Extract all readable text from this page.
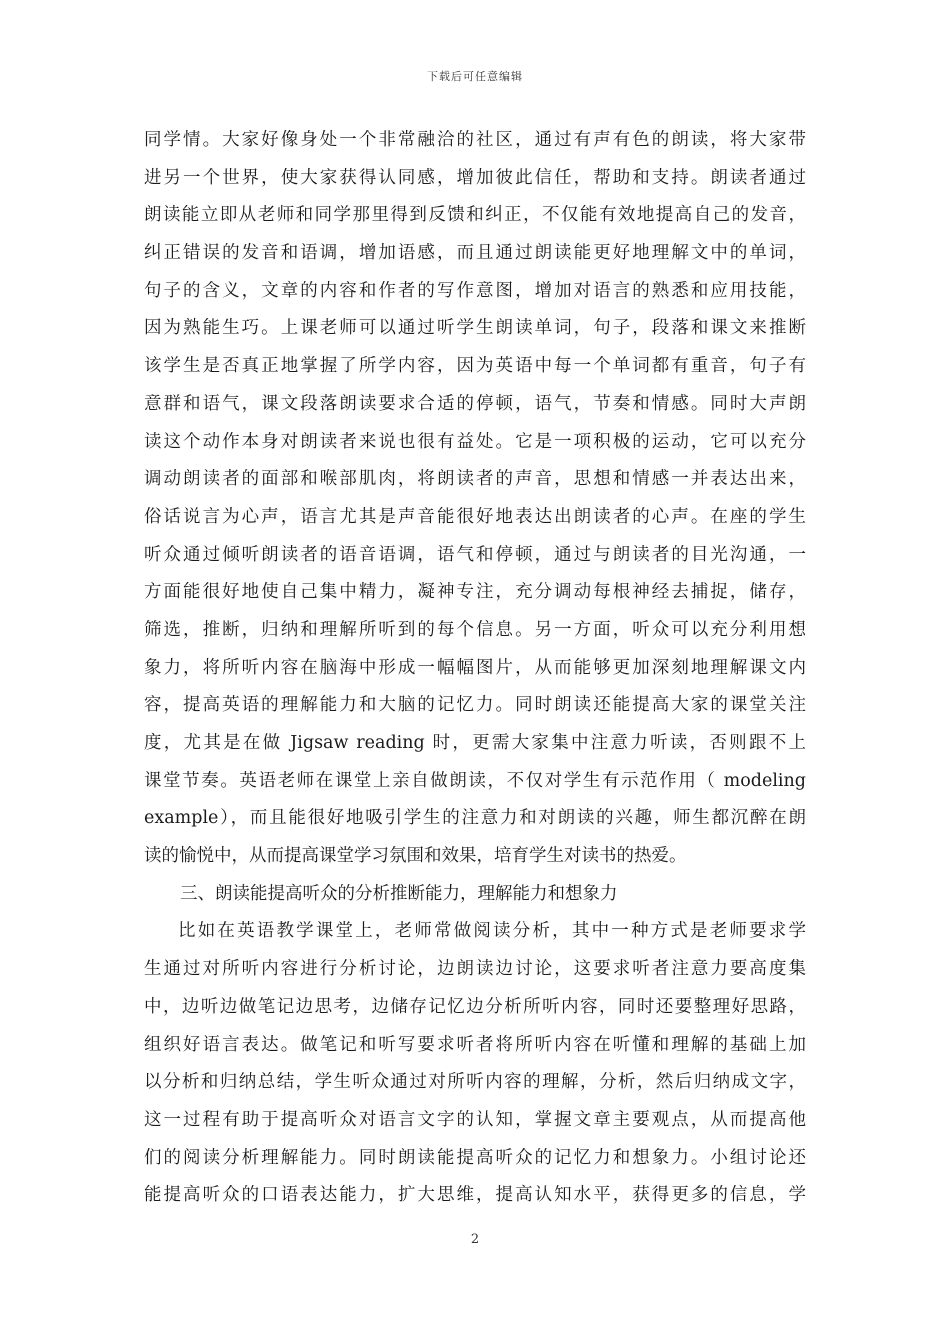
下载后可任意编辑
同学情。大家好像身处一个非常融洽的社区，通过有声有色的朗读，将大家带
进另一个世界，使大家获得认同感，增加彼此信任，帮助和支持。朗读者通过
朗读能立即从老师和同学那里得到反馈和纠正，不仅能有效地提高自己的发音，
纠正错误的发音和语调，增加语感，而且通过朗读能更好地理解文中的单词，
句子的含义，文章的内容和作者的写作意图，增加对语言的熟悉和应用技能，
因为熟能生巧。上课老师可以通过听学生朗读单词，句子，段落和课文来推断
该学生是否真正地掌握了所学内容，因为英语中每一个单词都有重音，句子有
意群和语气，课文段落朗读要求合适的停顿，语气，节奏和情感。同时大声朗
读这个动作本身对朗读者来说也很有益处。它是一项积极的运动，它可以充分
调动朗读者的面部和喉部肌肉，将朗读者的声音，思想和情感一并表达出来，
俗话说言为心声，语言尤其是声音能很好地表达出朗读者的心声。在座的学生
听众通过倾听朗读者的语音语调，语气和停顿，通过与朗读者的目光沟通，一
方面能很好地使自己集中精力，凝神专注，充分调动每根神经去捕捉，储存，
筛选，推断，归纳和理解所听到的每个信息。另一方面，听众可以充分利用想
象力，将所听内容在脑海中形成一幅幅图片，从而能够更加深刻地理解课文内
容，提高英语的理解能力和大脑的记忆力。同时朗读还能提高大家的课堂关注
度，尤其是在做 Jigsaw reading 时，更需大家集中注意力听读，否则跟不上
课堂节奏。英语老师在课堂上亲自做朗读，不仅对学生有示范作用（ modeling
example），而且能很好地吸引学生的注意力和对朗读的兴趣，师生都沉醉在朗
读的愉悦中，从而提高课堂学习氛围和效果，培育学生对读书的热爱。
三、朗读能提高听众的分析推断能力，理解能力和想象力
比如在英语教学课堂上，老师常做阅读分析，其中一种方式是老师要求学
生通过对所听内容进行分析讨论，边朗读边讨论，这要求听者注意力要高度集
中，边听边做笔记边思考，边储存记忆边分析所听内容，同时还要整理好思路，
组织好语言表达。做笔记和听写要求听者将所听内容在听懂和理解的基础上加
以分析和归纳总结，学生听众通过对所听内容的理解，分析，然后归纳成文字，
这一过程有助于提高听众对语言文字的认知，掌握文章主要观点，从而提高他
们的阅读分析理解能力。同时朗读能提高听众的记忆力和想象力。小组讨论还
能提高听众的口语表达能力，扩大思维，提高认知水平，获得更多的信息，学
2
